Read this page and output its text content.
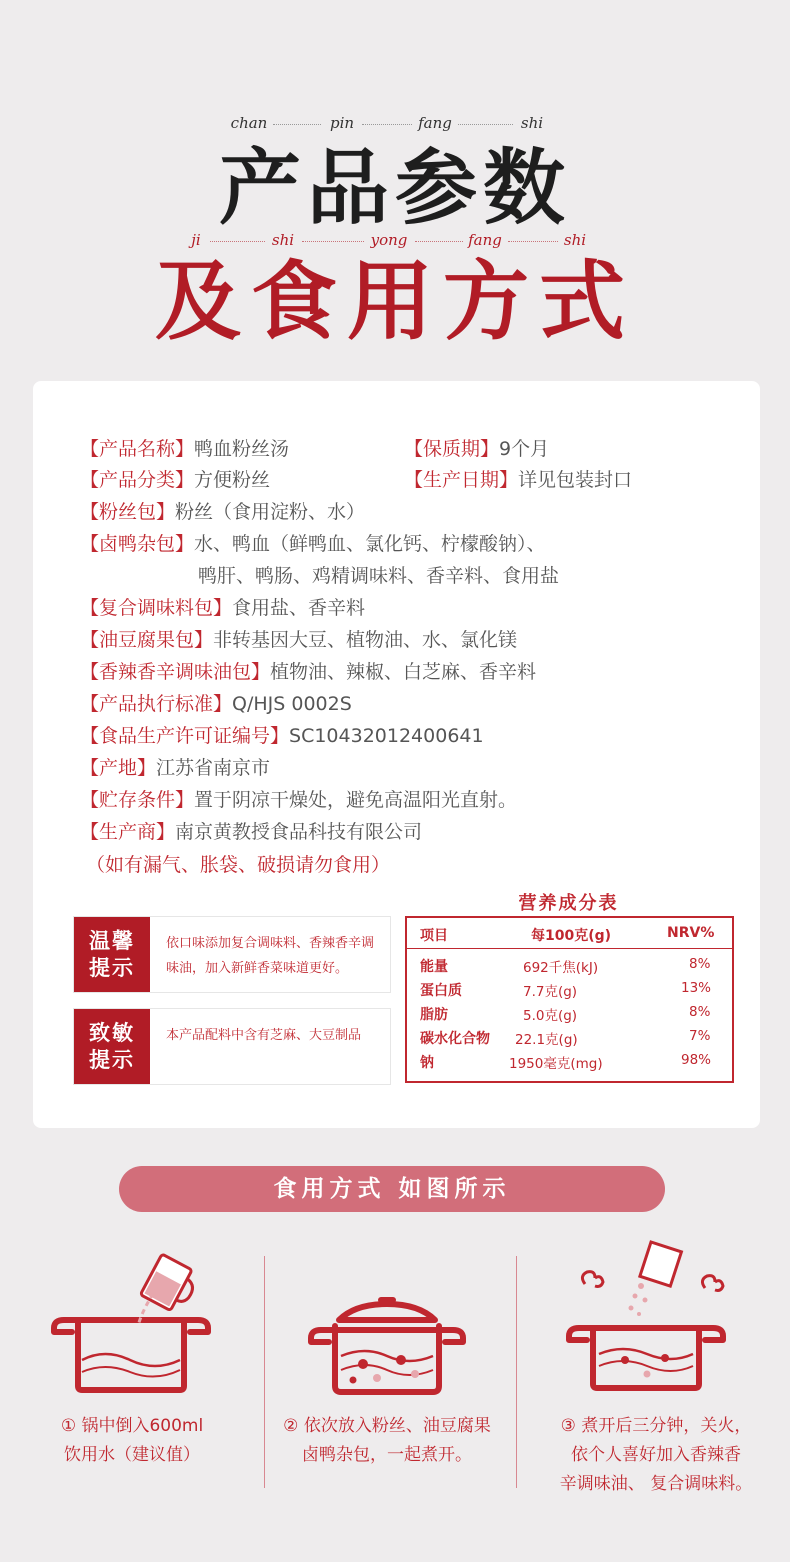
chan	pin	fang	shi
产品参数
ji	shi	yong	fang	shi
及食用方式
【产品名称】鸭血粉丝汤	【保质期】9个月
【产品分类】方便粉丝	【生产日期】详见包装封口
【粉丝包】粉丝（食用淀粉、水）
【卤鸭杂包】水、鸭血（鲜鸭血、氯化钙、柠檬酸钠）、
鸭肝、鸭肠、鸡精调味料、香辛料、食用盐
【复合调味料包】食用盐、香辛料
【油豆腐果包】非转基因大豆、植物油、水、氯化镁
【香辣香辛调味油包】植物油、辣椒、白芝麻、香辛料
【产品执行标准】Q/HJS 0002S
【食品生产许可证编号】SC10432012400641
【产地】江苏省南京市
【贮存条件】置于阴凉干燥处，避免高温阳光直射。
【生产商】南京黄教授食品科技有限公司
（如有漏气、胀袋、破损请勿食用）
温馨
提示
依口味添加复合调味料、香辣香辛调味油，加入新鲜香菜味道更好。
致敏
提示
本产品配料中含有芝麻、大豆制品
营养成分表
项目	每100克(g)	NRV%
能量	692千焦(kJ)	8%
蛋白质	7.7克(g)	13%
脂肪	5.0克(g)	8%
碳水化合物 22.1克(g)	7%
钠	1950毫克(mg)	98%
食用方式 如图所示
① 锅中倒入600ml
饮用水（建议值）
② 依次放入粉丝、油豆腐果
卤鸭杂包，一起煮开。
③ 煮开后三分钟，关火，
依个人喜好加入香辣香
辛调味油、 复合调味料。
